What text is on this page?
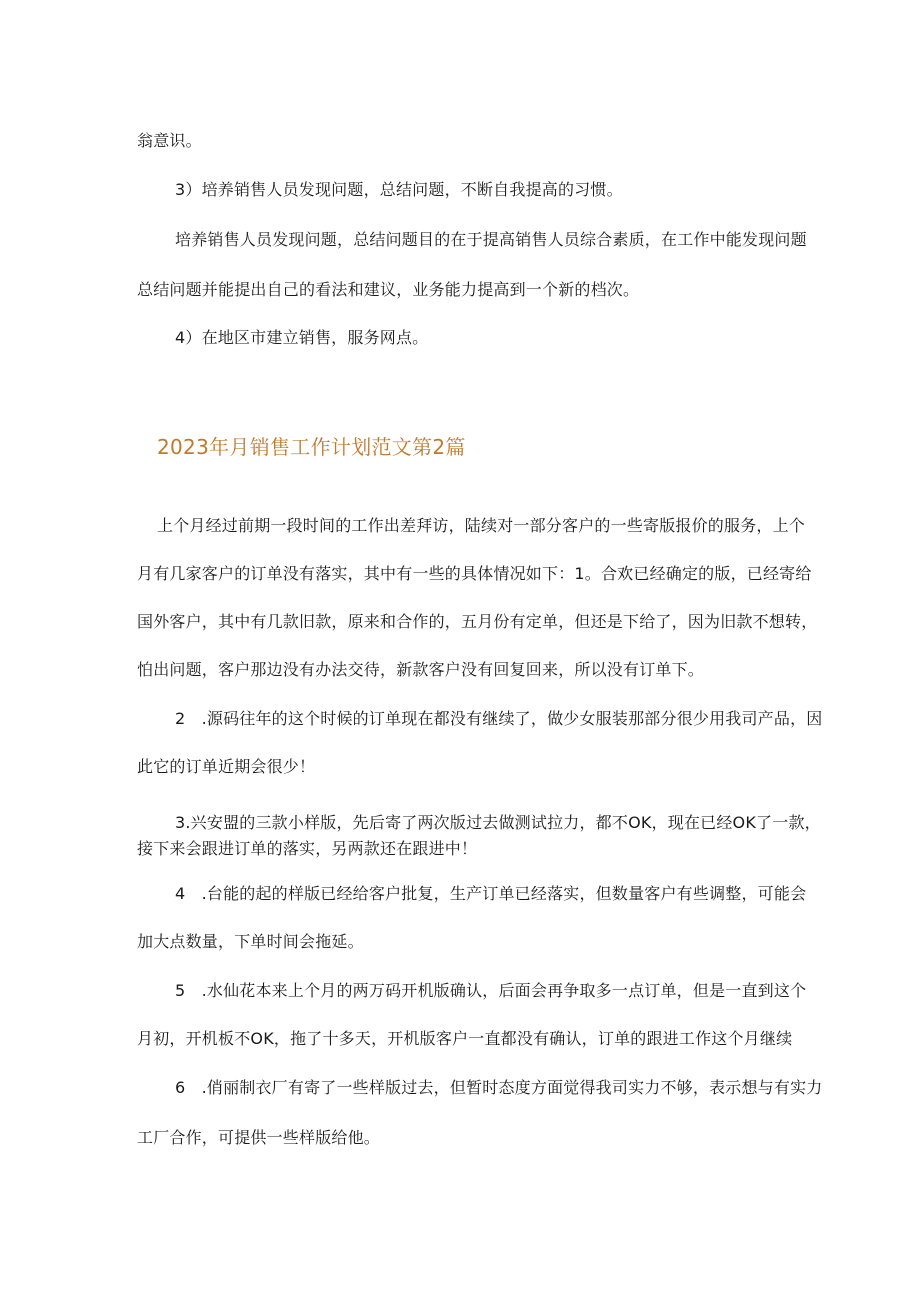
翁意识。
3）培养销售人员发现问题，总结问题，不断自我提高的习惯。
培养销售人员发现问题，总结问题目的在于提高销售人员综合素质，在工作中能发现问题
总结问题并能提出自己的看法和建议，业务能力提高到一个新的档次。
4）在地区市建立销售，服务网点。
2023年月销售工作计划范文第2篇
上个月经过前期一段时间的工作出差拜访，陆续对一部分客户的一些寄版报价的服务，上个
月有几家客户的订单没有落实，其中有一些的具体情况如下：1。合欢已经确定的版，已经寄给
国外客户，其中有几款旧款，原来和合作的，五月份有定单，但还是下给了，因为旧款不想转，
怕出问题，客户那边没有办法交待，新款客户没有回复回来，所以没有订单下。
2　.源码往年的这个时候的订单现在都没有继续了，做少女服装那部分很少用我司产品，因
此它的订单近期会很少！
3.兴安盟的三款小样版，先后寄了两次版过去做测试拉力，都不OK，现在已经OK了一款，
接下来会跟进订单的落实，另两款还在跟进中！
4　.台能的起的样版已经给客户批复，生产订单已经落实，但数量客户有些调整，可能会
加大点数量，下单时间会拖延。
5　.水仙花本来上个月的两万码开机版确认，后面会再争取多一点订单，但是一直到这个
月初，开机板不OK，拖了十多天，开机版客户一直都没有确认，订单的跟进工作这个月继续
6　.俏丽制衣厂有寄了一些样版过去，但暂时态度方面觉得我司实力不够，表示想与有实力
工厂合作，可提供一些样版给他。
